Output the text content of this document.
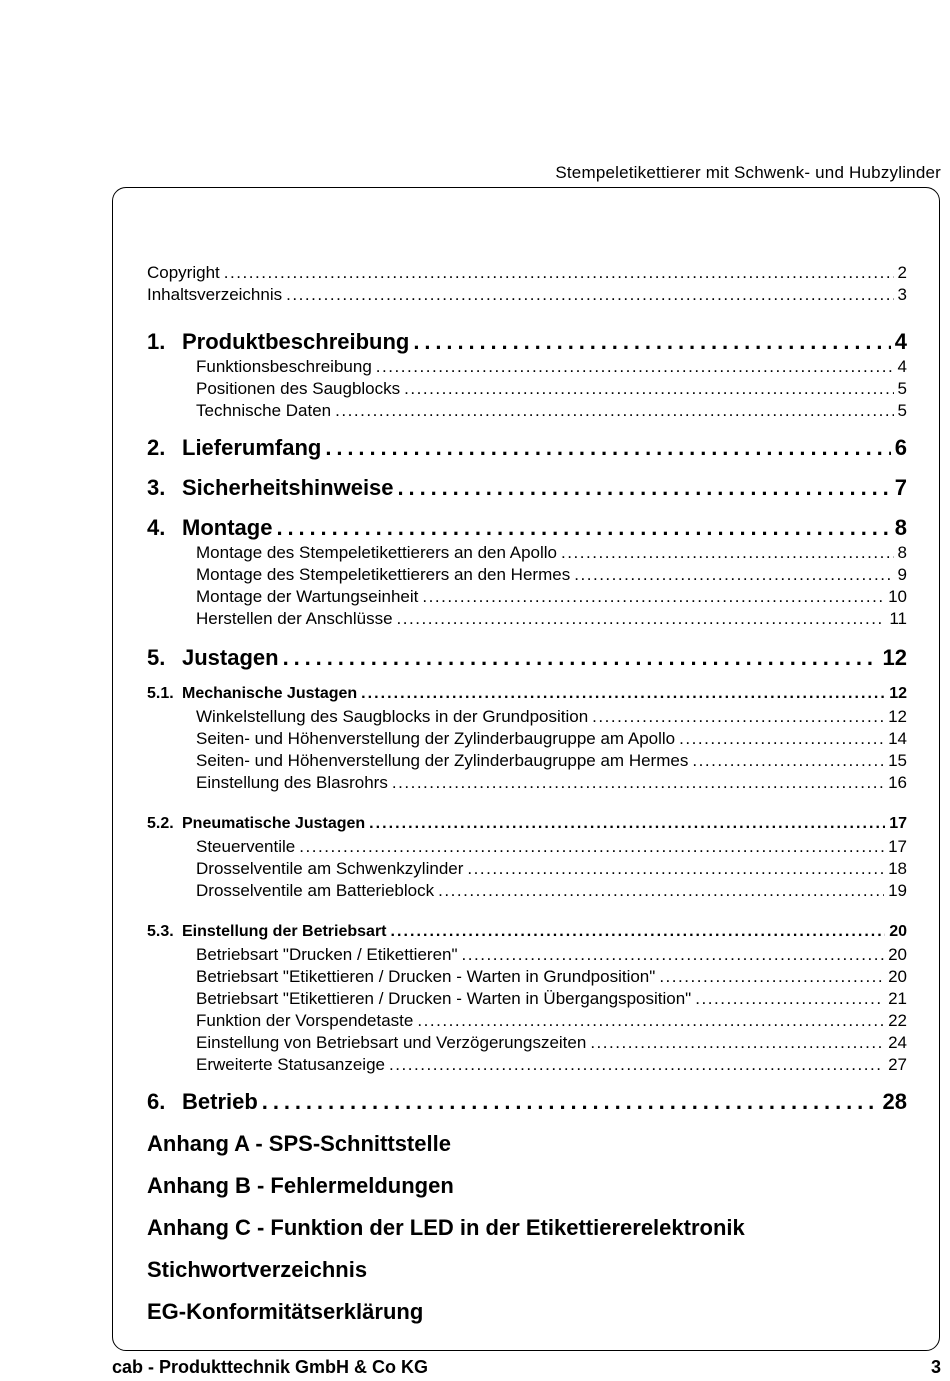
Stempeletikettierer mit Schwenk- und Hubzylinder
Copyright . . .	2
Inhaltsverzeichnis . . .	3
1. Produktbeschreibung . . .	4
Funktionsbeschreibung . . .	4
Positionen des Saugblocks . . .	5
Technische Daten . . .	5
2. Lieferumfang . . .	6
3. Sicherheitshinweise . . .	7
4. Montage . . .	8
Montage des Stempeletikettierers an den Apollo . . .	8
Montage des Stempeletikettierers an den Hermes . . .	9
Montage der Wartungseinheit . . .	10
Herstellen der Anschlüsse . . .	11
5. Justagen . . .	12
5.1. Mechanische Justagen . . .	12
Winkelstellung des Saugblocks in der Grundposition . . .	12
Seiten- und Höhenverstellung der Zylinderbaugruppe am Apollo . . .	14
Seiten- und Höhenverstellung der Zylinderbaugruppe am Hermes . . .	15
Einstellung des Blasrohrs . . .	16
5.2. Pneumatische Justagen . . .	17
Steuerventile . . .	17
Drosselventile am Schwenkzylinder . . .	18
Drosselventile am Batterieblock . . .	19
5.3. Einstellung der Betriebsart . . .	20
Betriebsart "Drucken / Etikettieren" . . .	20
Betriebsart "Etikettieren / Drucken - Warten in Grundposition" . . .	20
Betriebsart "Etikettieren / Drucken - Warten in Übergangsposition" . . .	21
Funktion der Vorspendetaste . . .	22
Einstellung von Betriebsart und Verzögerungszeiten . . .	24
Erweiterte Statusanzeige . . .	27
6. Betrieb . . .	28
Anhang A - SPS-Schnittstelle
Anhang B - Fehlermeldungen
Anhang C - Funktion der LED in der Etikettiererelektronik
Stichwortverzeichnis
EG-Konformitätserklärung
cab - Produkttechnik GmbH & Co KG	3
